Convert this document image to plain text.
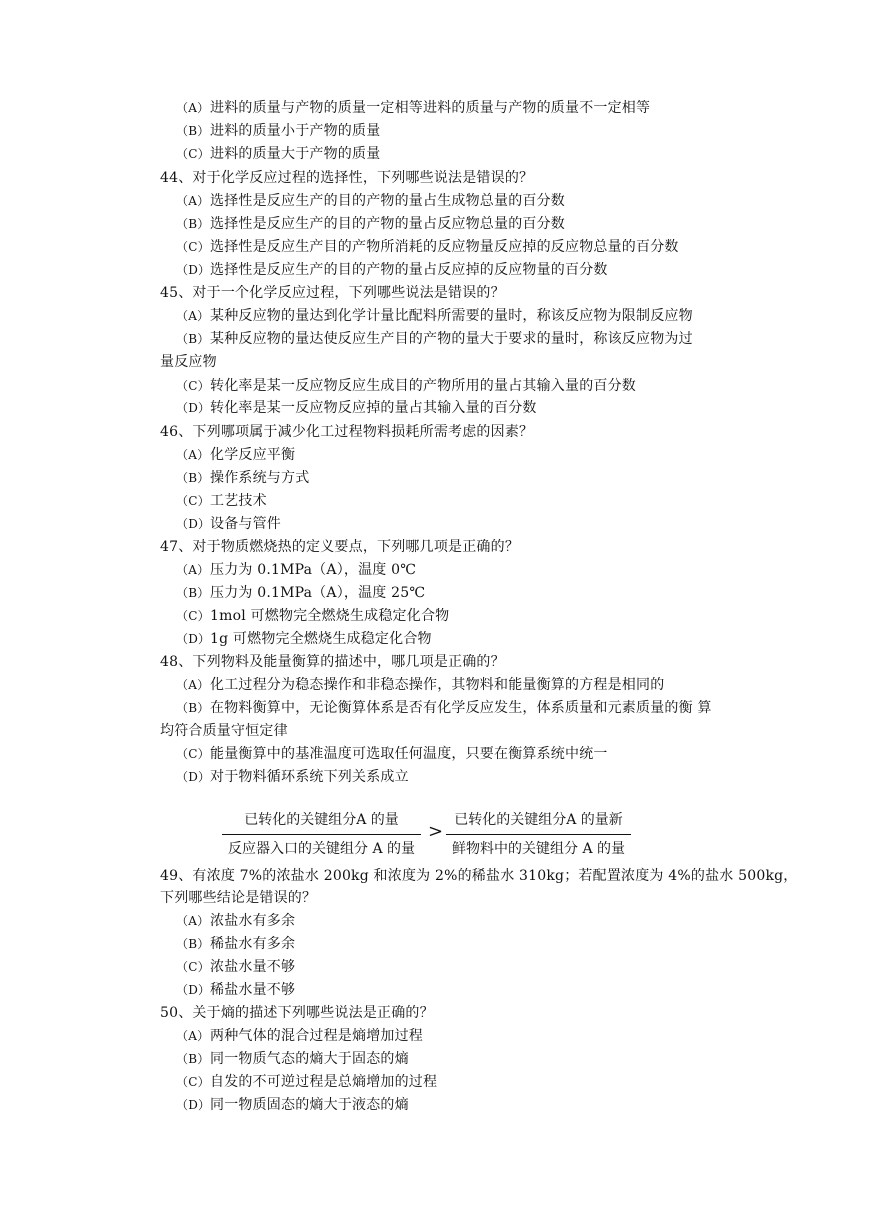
（A）进料的质量与产物的质量一定相等进料的质量与产物的质量不一定相等
（B）进料的质量小于产物的质量
（C）进料的质量大于产物的质量
44、对于化学反应过程的选择性，下列哪些说法是错误的？
（A）选择性是反应生产的目的产物的量占生成物总量的百分数
（B）选择性是反应生产的目的产物的量占反应物总量的百分数
（C）选择性是反应生产目的产物所消耗的反应物量反应掉的反应物总量的百分数
（D）选择性是反应生产的目的产物的量占反应掉的反应物量的百分数
45、对于一个化学反应过程，下列哪些说法是错误的？
（A）某种反应物的量达到化学计量比配料所需要的量时，称该反应物为限制反应物
（B）某种反应物的量达使反应生产目的产物的量大于要求的量时，称该反应物为过
量反应物
（C）转化率是某一反应物反应生成目的产物所用的量占其输入量的百分数
（D）转化率是某一反应物反应掉的量占其输入量的百分数
46、下列哪项属于减少化工过程物料损耗所需考虑的因素？
（A）化学反应平衡
（B）操作系统与方式
（C）工艺技术
（D）设备与管件
47、对于物质燃烧热的定义要点，下列哪几项是正确的？
（A）压力为 0.1MPa（A），温度 0℃
（B）压力为 0.1MPa（A），温度 25℃
（C）1mol 可燃物完全燃烧生成稳定化合物
（D）1g 可燃物完全燃烧生成稳定化合物
48、下列物料及能量衡算的描述中，哪几项是正确的？
（A）化工过程分为稳态操作和非稳态操作，其物料和能量衡算的方程是相同的
（B）在物料衡算中，无论衡算体系是否有化学反应发生，体系质量和元素质量的衡 算
均符合质量守恒定律
（C）能量衡算中的基准温度可选取任何温度，只要在衡算系统中统一
（D）对于物料循环系统下列关系成立
已转化的关键组分A 的量
反应器入口的关键组分 A 的量
>
已转化的关键组分A 的量新
鲜物料中的关键组分 A 的量
49、有浓度 7%的浓盐水 200kg 和浓度为 2%的稀盐水 310kg；若配置浓度为 4%的盐水 500kg，
下列哪些结论是错误的？
（A）浓盐水有多余
（B）稀盐水有多余
（C）浓盐水量不够
（D）稀盐水量不够
50、关于熵的描述下列哪些说法是正确的？
（A）两种气体的混合过程是熵增加过程
（B）同一物质气态的熵大于固态的熵
（C）自发的不可逆过程是总熵增加的过程
（D）同一物质固态的熵大于液态的熵
